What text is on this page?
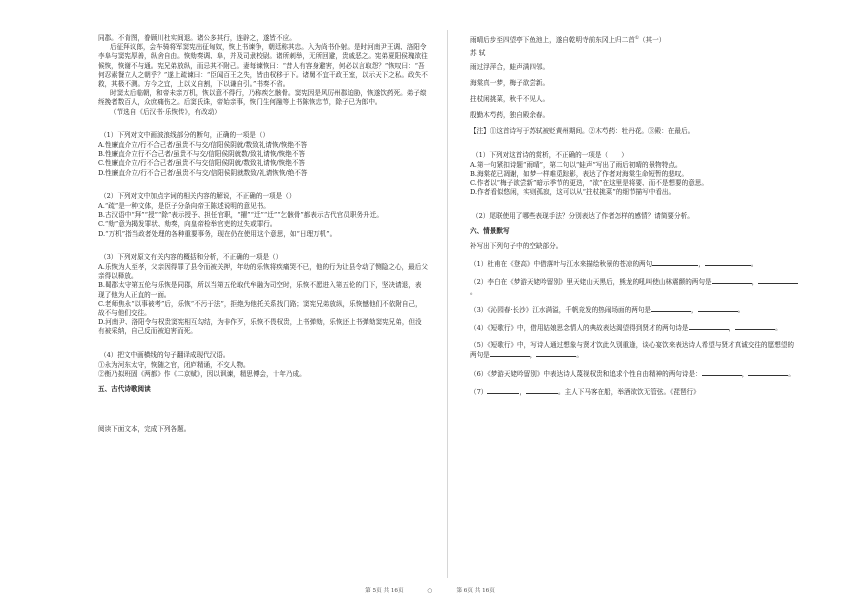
同郡。不肯图，眷顾川杜实间退。诸公多其行，连辟之，遂皆不应。

后征拜议郎，会车骑将军窦宪出征匈奴，恢上书谏争，朝廷称其忠。入为尚书仆射。是时河南尹王调、洛阳令李阜与窦宪厚善，纵舍自由。恢劾奏调、阜，并及司隶校尉。诸所刺举，无所回避，贵戚恶之。宪弟夏阳侯瑰欲往候恢，恢谢不与通。宪兄弟放纵，而忌其不附己。妻每谏恢曰：“昔人有容身避害，何必以言取怨？”恢叹曰：“吾何忍素餐立人之朝乎？”遂上疏谏曰：“臣闻百王之失，皆由权移于下。诸舅不宜干政王室，以示天下之私。政失不救，其极不测。方今之宜，上以义自割，下以谦自引。”书奏不省。

时窦太后临朝，和帝未亲万机，恢以意不得行，乃称疾乞骸骨。窦宪因是风厉州郡迫胁，恢遂饮药死。弟子缞绖挽者数百人，众庶痛伤之。后窦氏诛，帝始亲事，恢门生何融等上书陈恢忠节，除子已为郎中。

（节选自《后汉书·乐恢传》，有改动）

（1）下列对文中画波浪线部分的断句，正确的一项是（）

A.性廉直介立/行不合己者/虽贵不与交/信阳侯阴就/数致礼请恢/恢绝不答

B.性廉直介立行不合己者/虽贵不与交/信阳侯阴就数/致礼请恢/恢绝不答

C.性廉直介立/行不合己者/虽贵不与交信阳侯阴就/数致礼请恢/恢绝不答

D.性廉直介立/行不合己者/虽贵不与交/信阳侯阴就数致/礼请恢恢/绝不答

（2）下列对文中加点字词的相关内容的解说，不正确的一项是（）

A.“疏”是一种文体，是臣子分条向帝王陈述说明的意见书。

B.古汉语中“拜”“授”“除”表示授予、担任官职，“擢”“迁”“迁”“乞骸骨”都表示古代官员职务升迁。

C.“劾”意为揭发罪状、劾奏，向皇帝检举官吏的过失或罪行。

D.“万机”指当政者处理的各种重要事务，现在仍在使用这个意思，如“日理万机”。

（3）下列对原文有关内容的概括和分析，不正确的一项是（）

A.乐恢为人至孝，父亲因得罪了县令而被关押，年幼的乐恢将疾痛哭不已，他的行为让县令动了恻隐之心，最后父亲得以释放。

B.蜀郡太守第五伦与乐恢是同郡，所以当第五伦取代牟融为司空时，乐恢不愿进入第五伦的门下，坚决请退，表现了他为人正直的一面。

C.老师焦永“以事被考”后，乐恢“不污于法”，拒绝为他托关系找门路；窦宪兄弟放纵，乐恢憾他们不依附自己，故不与他们交往。

D.河南尹、洛阳令与权贵窦宪相互勾结，为非作歹，乐恢不畏权贵，上书弹劾，乐恢还上书弹劾窦宪兄弟，但没有被采纳，自己反而被迫害而死。

（4）把文中画横线的句子翻译成现代汉语。

①永为河东太守，恢随之官，闭庐精诵，不交人物。

②衡乃拟班固《两都》作《二京赋》，因以讽谏，精思傅会，十年乃成。

五、古代诗歌阅读

阅读下面文本，完成下列各题。

雨晴后步至四望亭下鱼池上，遂自乾明寺前东冈上归二首①（其一）

苏 轼

雨过浮萍合，蛙声满四邻。

海棠真一梦，梅子欲尝新。

拄杖闲挑菜，秋千不见人。

殷勤木芍药，独自殿余春。

【注】①这首诗写于苏轼被贬黄州期间。②木芍药：牡丹花。③殿：在最后。

（1）下列对这首诗的赏析，不正确的一项是（　　）

A.第一句紧扣诗题“雨晴”，第二句以“蛙声”写出了雨后初晴的景物特点。

B.海棠花已凋谢，如梦一样难觅踪影，表达了作者对海棠生命短暂的悲叹。

C.作者以“梅子欲尝新”暗示季节的更迭，“欲”在这里是将要、而不是想要的意思。

D.作者看似悠闲，实则孤寂，这可以从“拄杖挑菜”的细节描写中看出。

（2）尾联使用了哪些表现手法？分别表达了作者怎样的感情？请简要分析。

六、情景默写

补写出下列句子中的空缺部分。

（1）杜甫在《登高》中借落叶与江水来描绘秋景的苍凉的两句	，	。

（2）李白在《梦游天姥吟留别》里天姥山天黑后，熊龙的吼叫使山林震颤的两句是	，。

（3）《沁园春·长沙》江水满溢，千帆竞发的热闹场面的两句是	，	。

（4）《短歌行》中，借用姑娘思念情人的典故表达渴望得到贤才的两句诗是	，	。

（5）《短歌行》中，写诗人通过想象与贤才饮此久别重逢，谈心宴饮来表达诗人希望与贤才真诚交往的愿想望的两句是	，	。

（6）《梦游天姥吟留别》中表达诗人蔑视权贵和追求个性自由精神的两句诗是：	，	。

（7）	，	。主人下马客在船，举酒欲饮无管弦。《琵琶行》

第 5页 共 16页	○	第 6页 共 16页
